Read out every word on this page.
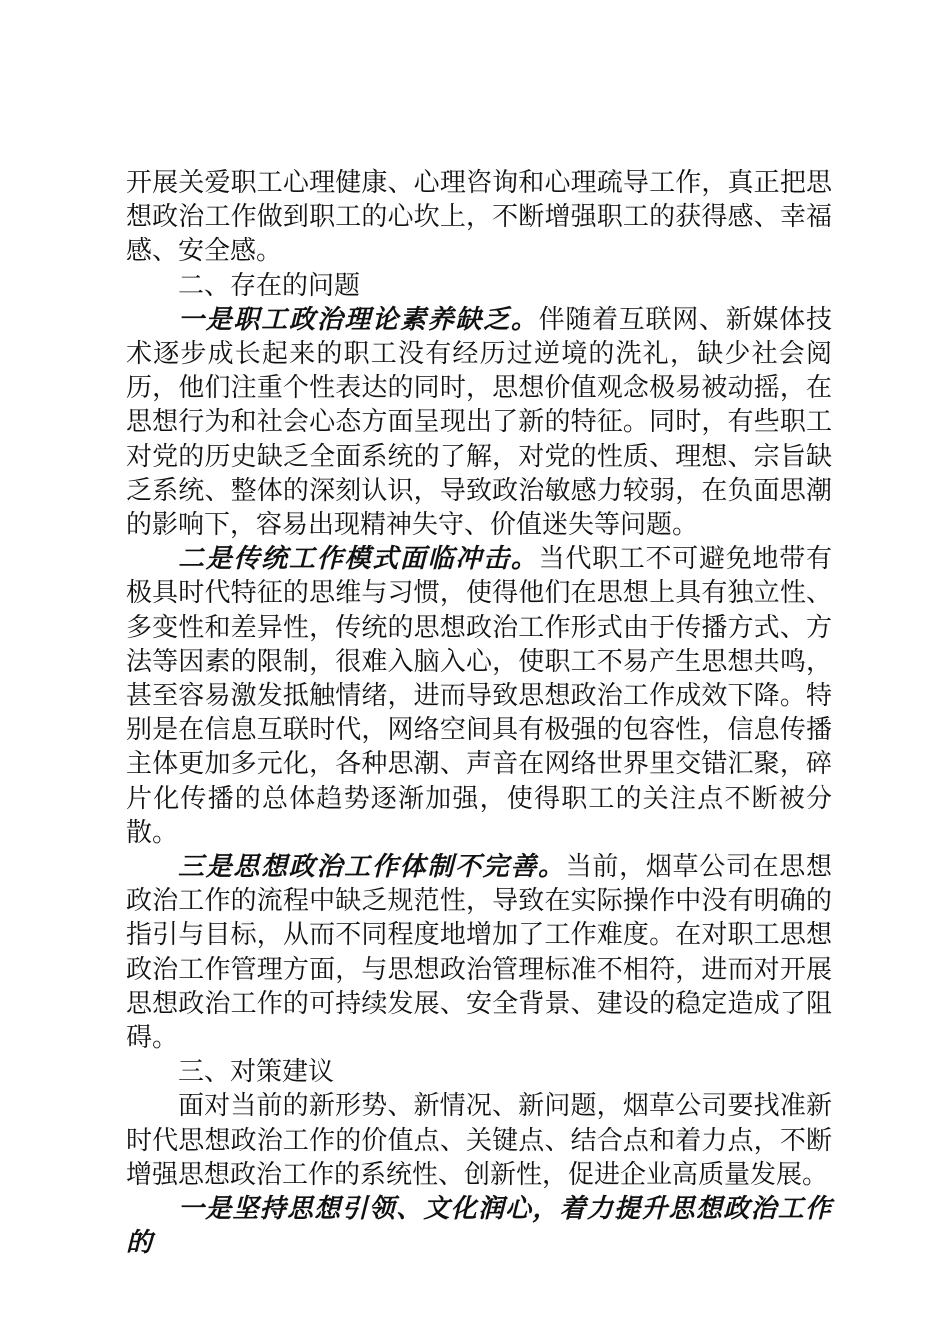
开展关爱职工心理健康、心理咨询和心理疏导工作，真正把思想政治工作做到职工的心坎上，不断增强职工的获得感、幸福感、安全感。

二、存在的问题

一是职工政治理论素养缺乏。伴随着互联网、新媒体技术逐步成长起来的职工没有经历过逆境的洗礼，缺少社会阅历，他们注重个性表达的同时，思想价值观念极易被动摇，在思想行为和社会心态方面呈现出了新的特征。同时，有些职工对党的历史缺乏全面系统的了解，对党的性质、理想、宗旨缺乏系统、整体的深刻认识，导致政治敏感力较弱，在负面思潮的影响下，容易出现精神失守、价值迷失等问题。

二是传统工作模式面临冲击。当代职工不可避免地带有极具时代特征的思维与习惯，使得他们在思想上具有独立性、多变性和差异性，传统的思想政治工作形式由于传播方式、方法等因素的限制，很难入脑入心，使职工不易产生思想共鸣，甚至容易激发抵触情绪，进而导致思想政治工作成效下降。特别是在信息互联时代，网络空间具有极强的包容性，信息传播主体更加多元化，各种思潮、声音在网络世界里交错汇聚，碎片化传播的总体趋势逐渐加强，使得职工的关注点不断被分散。

三是思想政治工作体制不完善。当前，烟草公司在思想政治工作的流程中缺乏规范性，导致在实际操作中没有明确的指引与目标，从而不同程度地增加了工作难度。在对职工思想政治工作管理方面，与思想政治管理标准不相符，进而对开展思想政治工作的可持续发展、安全背景、建设的稳定造成了阻碍。

三、对策建议

面对当前的新形势、新情况、新问题，烟草公司要找准新时代思想政治工作的价值点、关键点、结合点和着力点，不断增强思想政治工作的系统性、创新性，促进企业高质量发展。

一是坚持思想引领、文化润心，着力提升思想政治工作的
